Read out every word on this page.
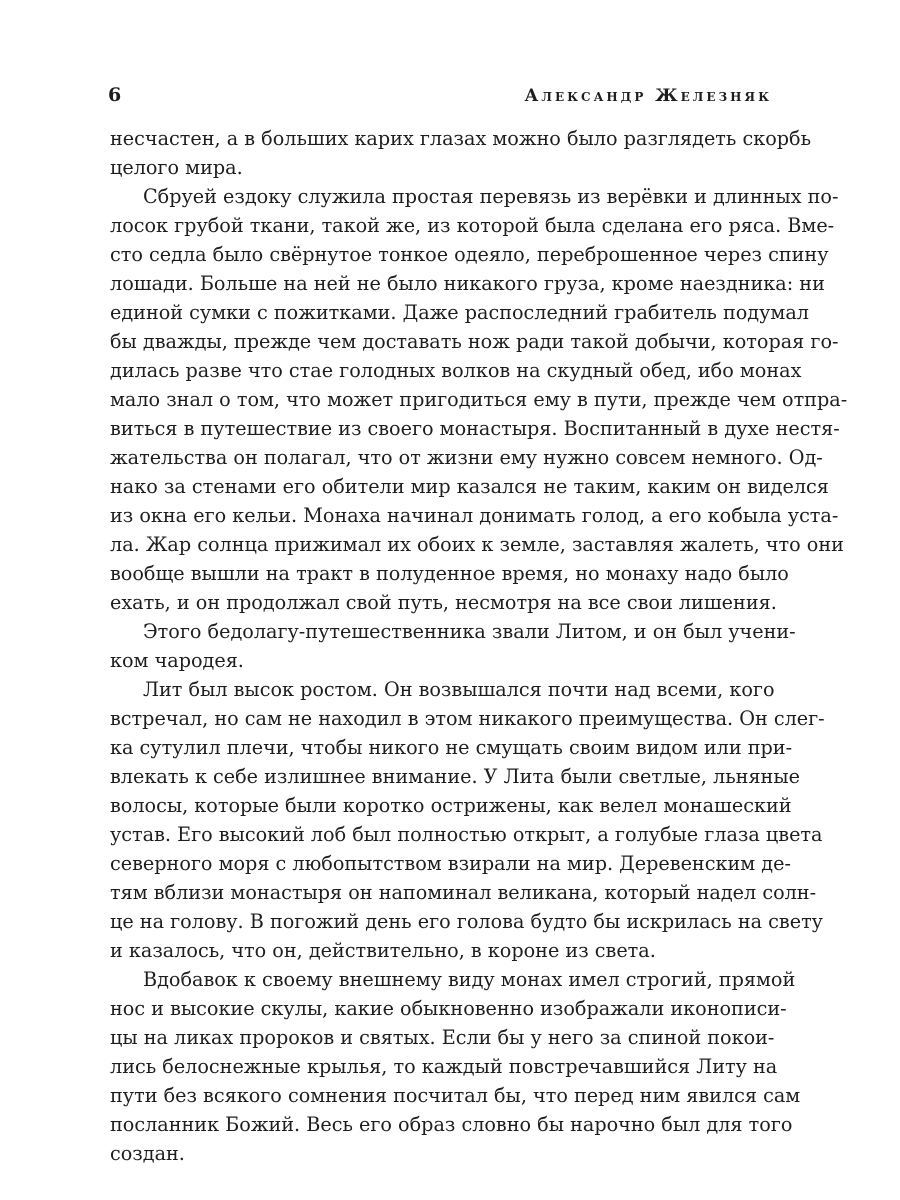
6	Александр Железняк
несчастен, а в больших карих глазах можно было разглядеть скорбь
целого мира.
Сбруей ездоку служила простая перевязь из верёвки и длинных по-
лосок грубой ткани, такой же, из которой была сделана его ряса. Вме-
сто седла было свёрнутое тонкое одеяло, переброшенное через спину
лошади. Больше на ней не было никакого груза, кроме наездника: ни
единой сумки с пожитками. Даже распоследний грабитель подумал
бы дважды, прежде чем доставать нож ради такой добычи, которая го-
дилась разве что стае голодных волков на скудный обед, ибо монах
мало знал о том, что может пригодиться ему в пути, прежде чем отпра-
виться в путешествие из своего монастыря. Воспитанный в духе нестя-
жательства он полагал, что от жизни ему нужно совсем немного. Од-
нако за стенами его обители мир казался не таким, каким он виделся
из окна его кельи. Монаха начинал донимать голод, а его кобыла уста-
ла. Жар солнца прижимал их обоих к земле, заставляя жалеть, что они
вообще вышли на тракт в полуденное время, но монаху надо было
ехать, и он продолжал свой путь, несмотря на все свои лишения.
Этого бедолагу-путешественника звали Литом, и он был учени-
ком чародея.
Лит был высок ростом. Он возвышался почти над всеми, кого
встречал, но сам не находил в этом никакого преимущества. Он слег-
ка сутулил плечи, чтобы никого не смущать своим видом или при-
влекать к себе излишнее внимание. У Лита были светлые, льняные
волосы, которые были коротко острижены, как велел монашеский
устав. Его высокий лоб был полностью открыт, а голубые глаза цвета
северного моря с любопытством взирали на мир. Деревенским де-
тям вблизи монастыря он напоминал великана, который надел солн-
це на голову. В погожий день его голова будто бы искрилась на свету
и казалось, что он, действительно, в короне из света.
Вдобавок к своему внешнему виду монах имел строгий, прямой
нос и высокие скулы, какие обыкновенно изображали иконописи-
цы на ликах пророков и святых. Если бы у него за спиной покои-
лись белоснежные крылья, то каждый повстречавшийся Литу на
пути без всякого сомнения посчитал бы, что перед ним явился сам
посланник Божий. Весь его образ словно бы нарочно был для того
создан.
